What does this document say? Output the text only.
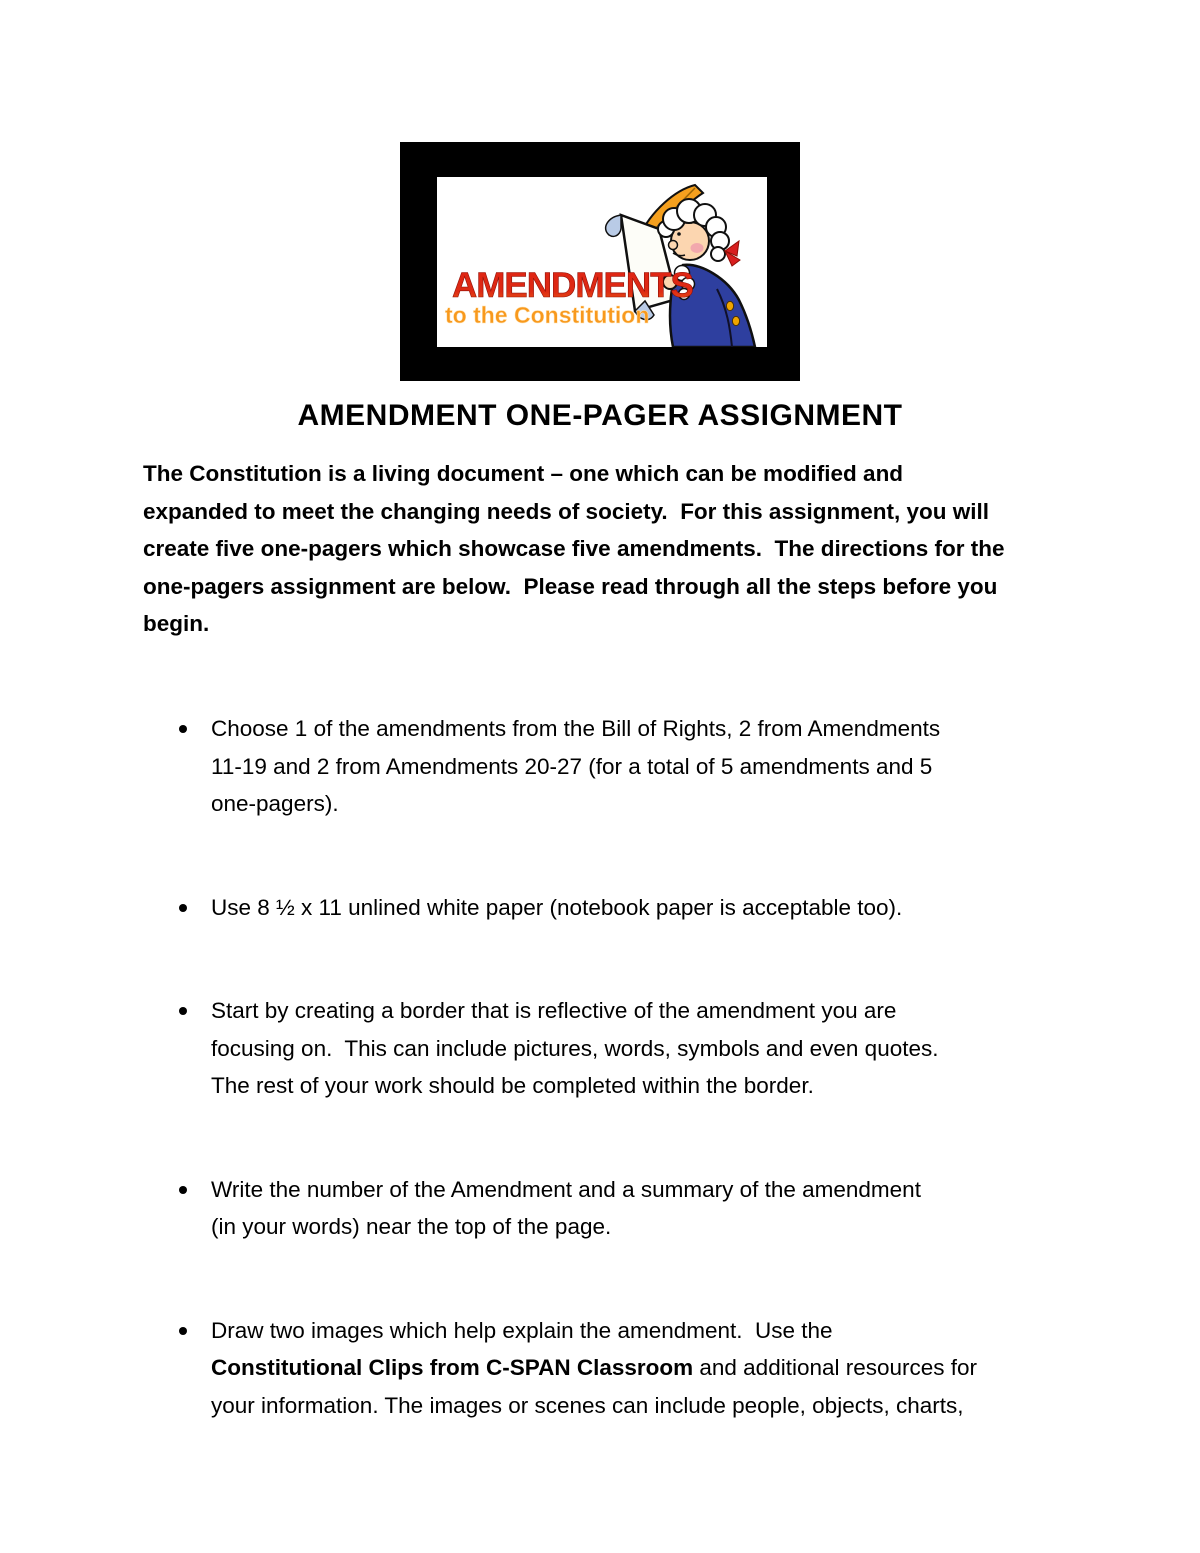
AMENDMENTS
to the Constitution
AMENDMENT ONE-PAGER ASSIGNMENT
The Constitution is a living document – one which can be modified and
expanded to meet the changing needs of society.  For this assignment, you will
create five one-pagers which showcase five amendments.  The directions for the
one-pagers assignment are below.  Please read through all the steps before you
begin.
Choose 1 of the amendments from the Bill of Rights, 2 from Amendments
11-19 and 2 from Amendments 20-27 (for a total of 5 amendments and 5
one-pagers).
Use 8 ½ x 11 unlined white paper (notebook paper is acceptable too).
Start by creating a border that is reflective of the amendment you are
focusing on.  This can include pictures, words, symbols and even quotes.
The rest of your work should be completed within the border.
Write the number of the Amendment and a summary of the amendment
(in your words) near the top of the page.
Draw two images which help explain the amendment.  Use the
Constitutional Clips from C-SPAN Classroom and additional resources for
your information. The images or scenes can include people, objects, charts,
